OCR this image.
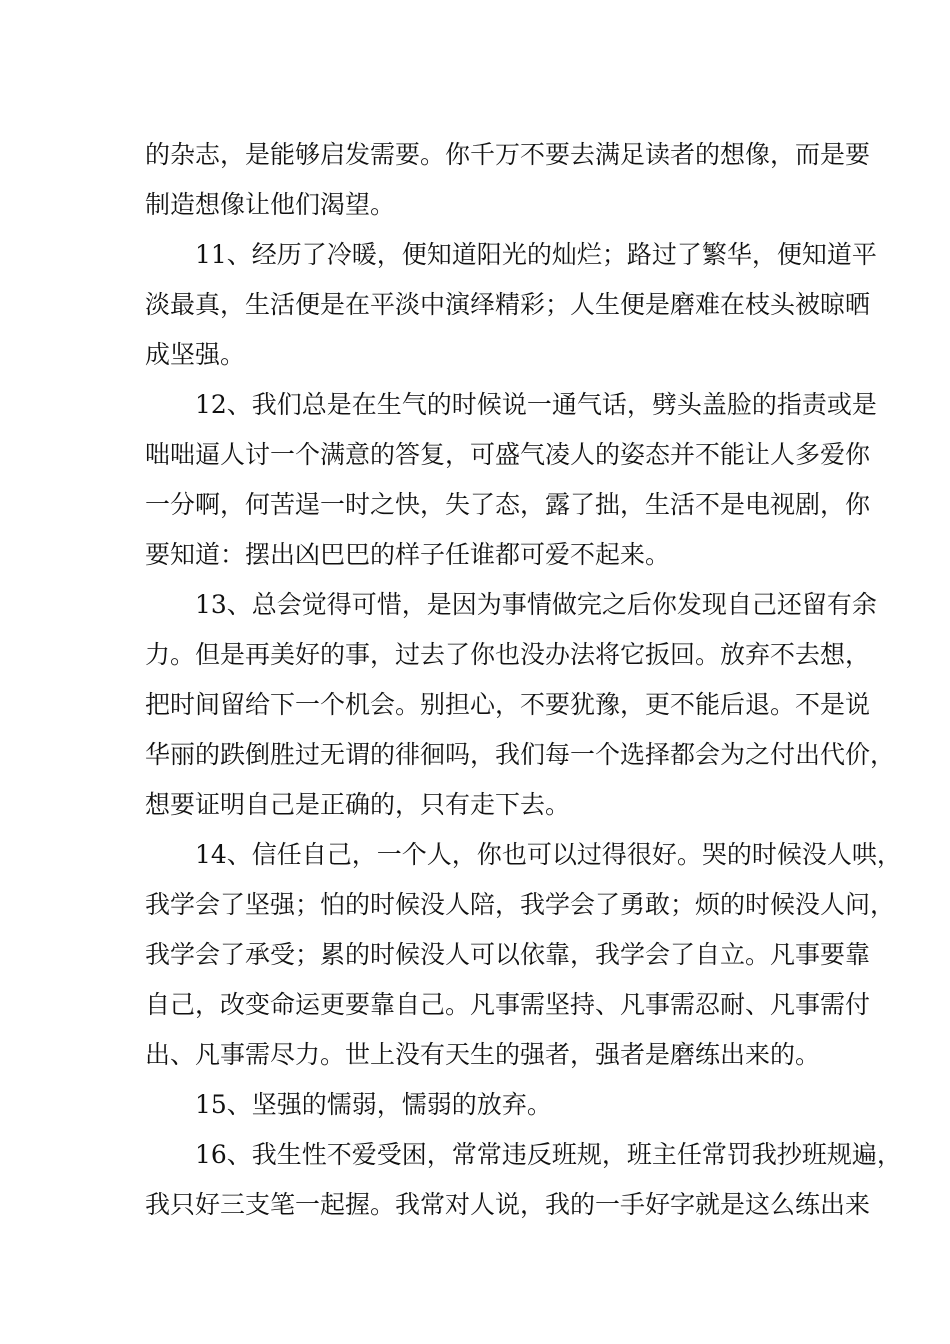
的杂志，是能够启发需要。你千万不要去满足读者的想像，而是要
制造想像让他们渴望。
11、经历了冷暖，便知道阳光的灿烂；路过了繁华，便知道平
淡最真，生活便是在平淡中演绎精彩；人生便是磨难在枝头被晾晒
成坚强。
12、我们总是在生气的时候说一通气话，劈头盖脸的指责或是
咄咄逼人讨一个满意的答复，可盛气凌人的姿态并不能让人多爱你
一分啊，何苦逞一时之快，失了态，露了拙，生活不是电视剧，你
要知道：摆出凶巴巴的样子任谁都可爱不起来。
13、总会觉得可惜，是因为事情做完之后你发现自己还留有余
力。但是再美好的事，过去了你也没办法将它扳回。放弃不去想，
把时间留给下一个机会。别担心，不要犹豫，更不能后退。不是说
华丽的跌倒胜过无谓的徘徊吗，我们每一个选择都会为之付出代价，
想要证明自己是正确的，只有走下去。
14、信任自己，一个人，你也可以过得很好。哭的时候没人哄，
我学会了坚强；怕的时候没人陪，我学会了勇敢；烦的时候没人问，
我学会了承受；累的时候没人可以依靠，我学会了自立。凡事要靠
自己，改变命运更要靠自己。凡事需坚持、凡事需忍耐、凡事需付
出、凡事需尽力。世上没有天生的强者，强者是磨练出来的。
15、坚强的懦弱，懦弱的放弃。
16、我生性不爱受困，常常违反班规，班主任常罚我抄班规遍，
我只好三支笔一起握。我常对人说，我的一手好字就是这么练出来
